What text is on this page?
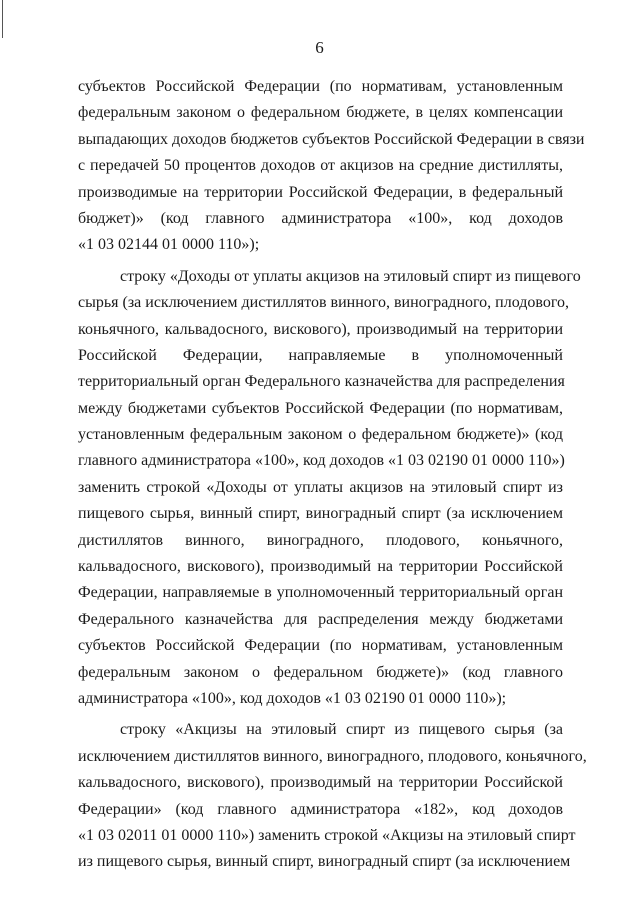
6
субъектов Российской Федерации (по нормативам, установленным
федеральным законом о федеральном бюджете, в целях компенсации
выпадающих доходов бюджетов субъектов Российской Федерации в связи
с передачей 50 процентов доходов от акцизов на средние дистилляты,
производимые на территории Российской Федерации, в федеральный
бюджет)» (код главного администратора «100», код доходов
«1 03 02144 01 0000 110»);
строку «Доходы от уплаты акцизов на этиловый спирт из пищевого
сырья (за исключением дистиллятов винного, виноградного, плодового,
коньячного, кальвадосного, вискового), производимый на территории
Российской Федерации, направляемые в уполномоченный
территориальный орган Федерального казначейства для распределения
между бюджетами субъектов Российской Федерации (по нормативам,
установленным федеральным законом о федеральном бюджете)» (код
главного администратора «100», код доходов «1 03 02190 01 0000 110»)
заменить строкой «Доходы от уплаты акцизов на этиловый спирт из
пищевого сырья, винный спирт, виноградный спирт (за исключением
дистиллятов винного, виноградного, плодового, коньячного,
кальвадосного, вискового), производимый на территории Российской
Федерации, направляемые в уполномоченный территориальный орган
Федерального казначейства для распределения между бюджетами
субъектов Российской Федерации (по нормативам, установленным
федеральным законом о федеральном бюджете)» (код главного
администратора «100», код доходов «1 03 02190 01 0000 110»);
строку «Акцизы на этиловый спирт из пищевого сырья (за
исключением дистиллятов винного, виноградного, плодового, коньячного,
кальвадосного, вискового), производимый на территории Российской
Федерации» (код главного администратора «182», код доходов
«1 03 02011 01 0000 110») заменить строкой «Акцизы на этиловый спирт
из пищевого сырья, винный спирт, виноградный спирт (за исключением
